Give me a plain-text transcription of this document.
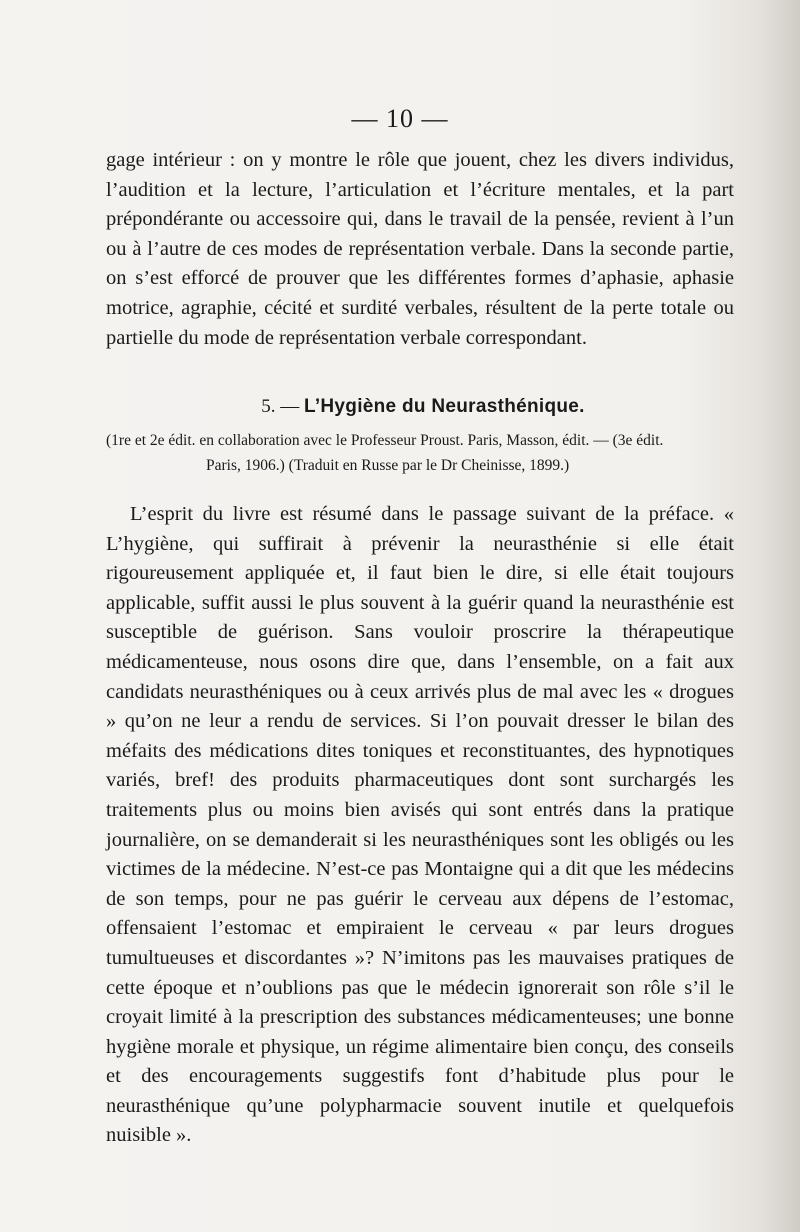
— 10 —

gage intérieur : on y montre le rôle que jouent, chez les divers individus, l’audition et la lecture, l’articulation et l’écriture mentales, et la part prépondérante ou accessoire qui, dans le travail de la pensée, revient à l’un ou à l’autre de ces modes de représentation verbale. Dans la seconde partie, on s’est efforcé de prouver que les différentes formes d’aphasie, aphasie motrice, agraphie, cécité et surdité verbales, résultent de la perte totale ou partielle du mode de représentation verbale correspondant.

5. — L’Hygiène du Neurasthénique.
(1re et 2e édit. en collaboration avec le Professeur Proust. Paris, Masson, édit. — (3e édit.
Paris, 1906.) (Traduit en Russe par le Dr Cheinisse, 1899.)

L’esprit du livre est résumé dans le passage suivant de la préface. « L’hygiène, qui suffirait à prévenir la neurasthénie si elle était rigoureusement appliquée et, il faut bien le dire, si elle était toujours applicable, suffit aussi le plus souvent à la guérir quand la neurasthénie est susceptible de guérison. Sans vouloir proscrire la thérapeutique médicamenteuse, nous osons dire que, dans l’ensemble, on a fait aux candidats neurasthéniques ou à ceux arrivés plus de mal avec les « drogues » qu’on ne leur a rendu de services. Si l’on pouvait dresser le bilan des méfaits des médications dites toniques et reconstituantes, des hypnotiques variés, bref! des produits pharmaceutiques dont sont surchargés les traitements plus ou moins bien avisés qui sont entrés dans la pratique journalière, on se demanderait si les neurasthéniques sont les obligés ou les victimes de la médecine. N’est-ce pas Montaigne qui a dit que les médecins de son temps, pour ne pas guérir le cerveau aux dépens de l’estomac, offensaient l’estomac et empiraient le cerveau « par leurs drogues tumultueuses et discordantes »? N’imitons pas les mauvaises pratiques de cette époque et n’oublions pas que le médecin ignorerait son rôle s’il le croyait limité à la prescription des substances médicamenteuses; une bonne hygiène morale et physique, un régime alimentaire bien conçu, des conseils et des encouragements suggestifs font d’habitude plus pour le neurasthénique qu’une polypharmacie souvent inutile et quelquefois nuisible ».
